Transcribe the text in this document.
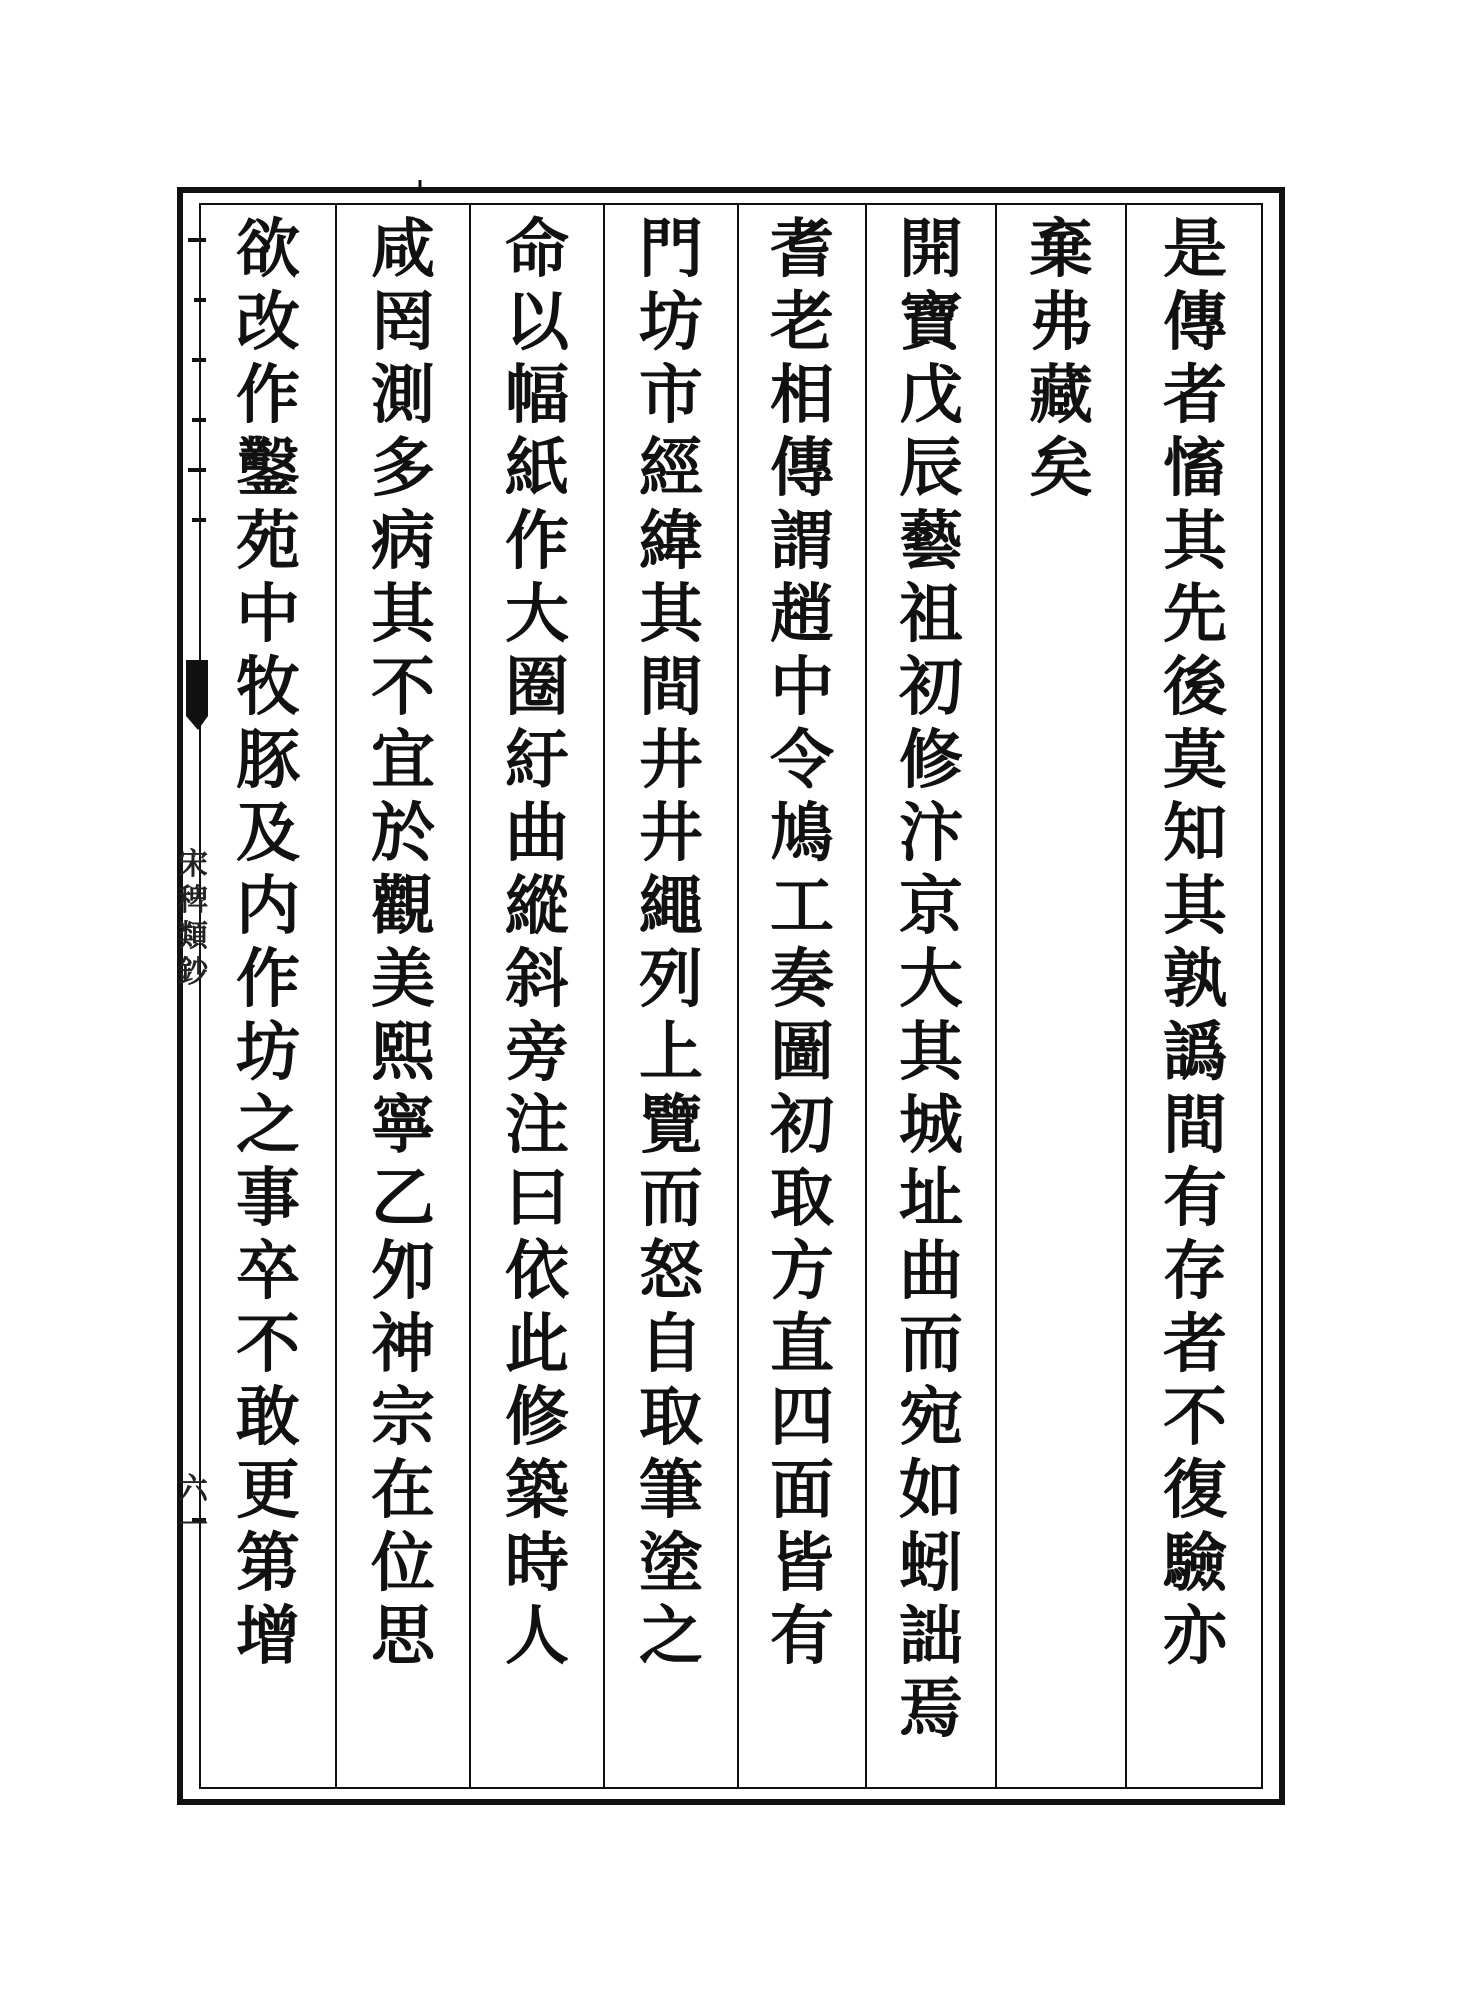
是
傳
者
慉
其
先
後
莫
知
其
孰
譌
間
有
存
者
不
復
驗
亦
棄
弗
藏
矣
開
寶
戊
辰
藝
祖
初
修
汴
京
大
其
城
址
曲
而
宛
如
蚓
詘
焉
耆
老
相
傳
謂
趙
中
令
鳩
工
奏
圖
初
取
方
直
四
面
皆
有
門
坊
市
經
緯
其
間
井
井
繩
列
上
覽
而
怒
自
取
筆
塗
之
命
以
幅
紙
作
大
圈
紆
曲
縱
斜
旁
注
曰
依
此
修
築
時
人
咸
罔
測
多
病
其
不
宜
於
觀
美
熙
寧
乙
夘
神
宗
在
位
思
欲
改
作
鑿
苑
中
牧
豚
及
内
作
坊
之
事
卒
不
敢
更
第
增
宋
稗
類
鈔
六
一
